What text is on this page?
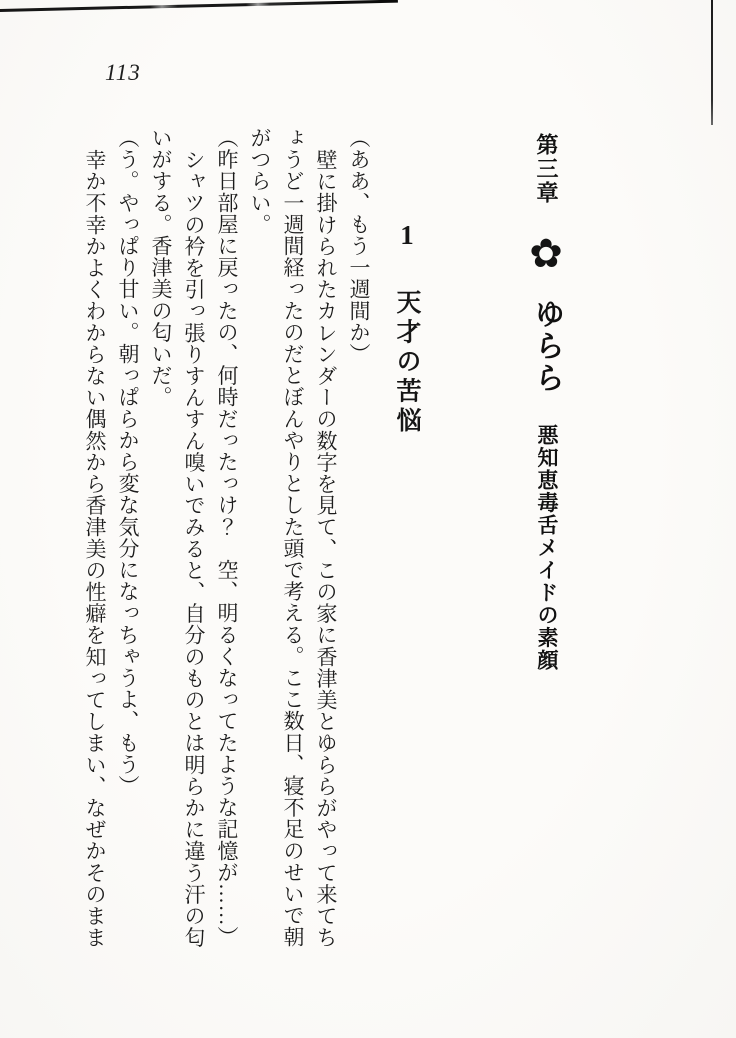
113
第三章 ✿ ゆらら 悪知恵毒舌メイドの素顔
1 天才の苦悩

（ああ、もう一週間か）

壁に掛けられたカレンダーの数字を見て、この家に香津美とゆららがやって来てちょうど一週間経ったのだとぼんやりとした頭で考える。ここ数日、寝不足のせいで朝がつらい。

（昨日部屋に戻ったの、何時だったっけ？　空、明るくなってたような記憶が……）

シャツの衿を引っ張りすんすん嗅いでみると、自分のものとは明らかに違う汗の匂いがする。香津美の匂いだ。

（う。やっぱり甘い。朝っぱらから変な気分になっちゃうよ、もう）

幸か不幸かよくわからない偶然から香津美の性癖を知ってしまい、なぜかそのまま
